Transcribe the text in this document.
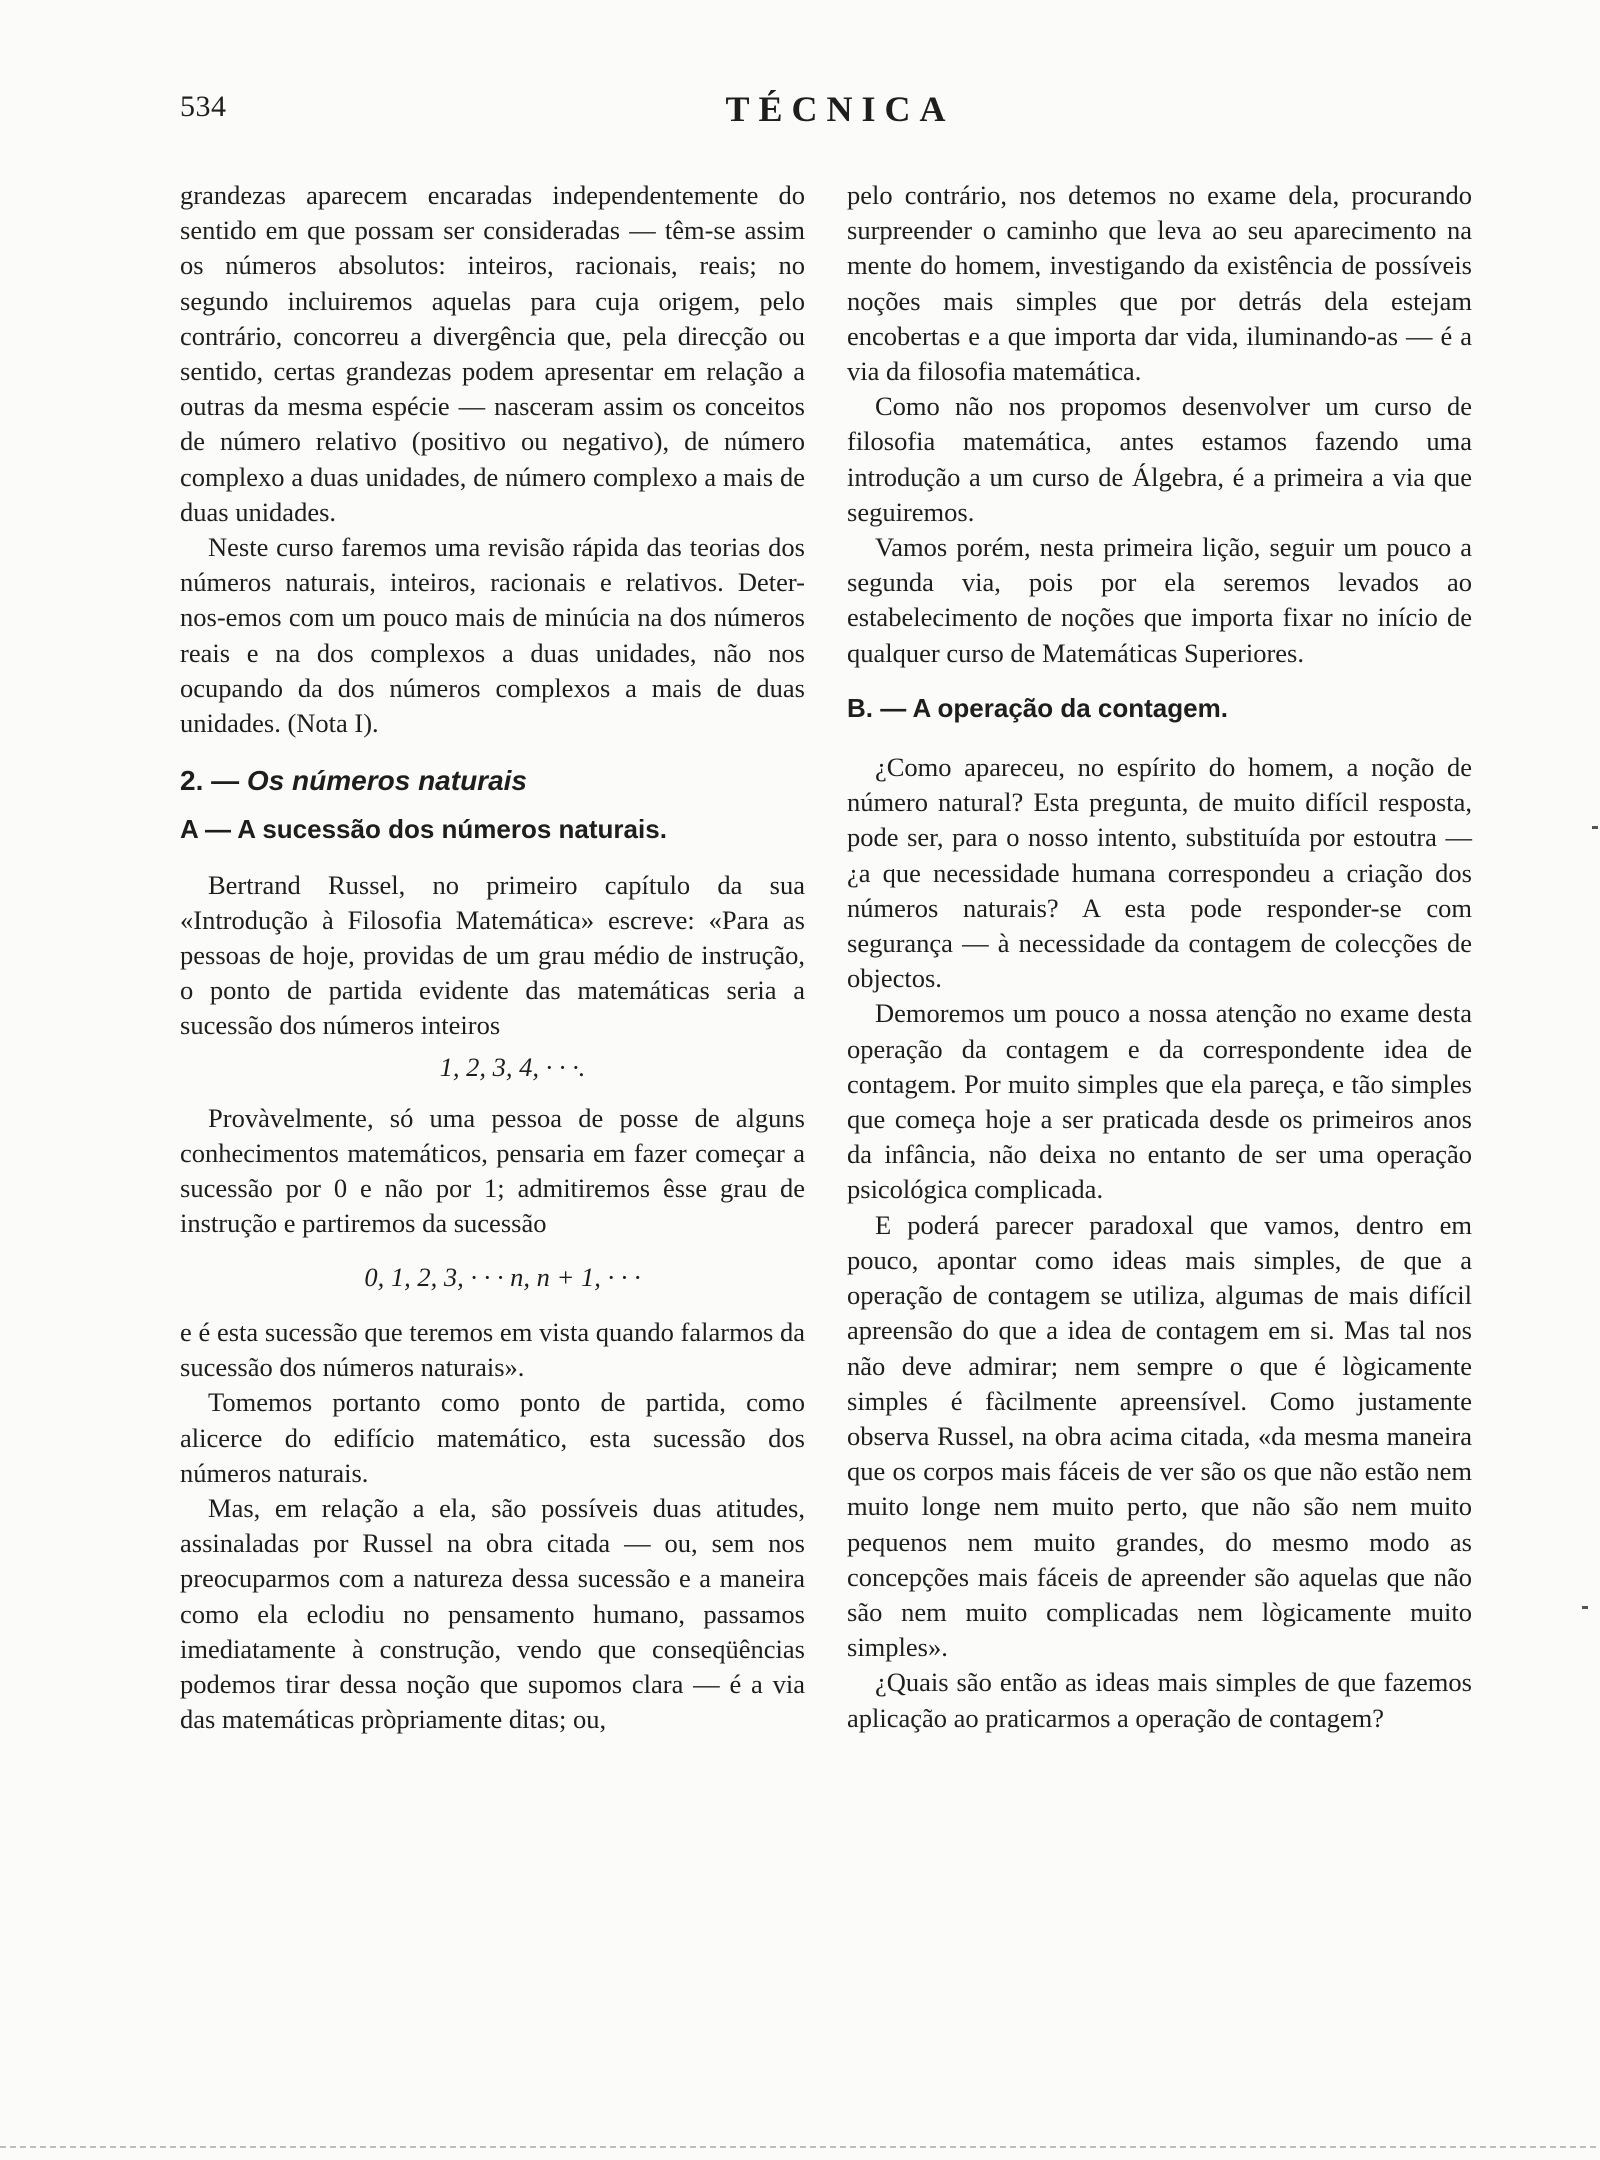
534	TÉCNICA

grandezas aparecem encaradas independentemente do sentido em que possam ser consideradas — têm-se assim os números absolutos: inteiros, racionais, reais; no segundo incluiremos aquelas para cuja origem, pelo contrário, concorreu a divergência que, pela direcção ou sentido, certas grandezas podem apresentar em relação a outras da mesma espécie — nasceram assim os conceitos de número relativo (positivo ou negativo), de número complexo a duas unidades, de número complexo a mais de duas unidades.

Neste curso faremos uma revisão rápida das teorias dos números naturais, inteiros, racionais e relativos. Deter-nos-emos com um pouco mais de minúcia na dos números reais e na dos complexos a duas unidades, não nos ocupando da dos números complexos a mais de duas unidades. (Nota I).

2. — Os números naturais

A — A sucessão dos números naturais.

Bertrand Russel, no primeiro capítulo da sua «Introdução à Filosofia Matemática» escreve: «Para as pessoas de hoje, providas de um grau médio de instrução, o ponto de partida evidente das matemáticas seria a sucessão dos números inteiros

1, 2, 3, 4, · · ·.

Provàvelmente, só uma pessoa de posse de alguns conhecimentos matemáticos, pensaria em fazer começar a sucessão por 0 e não por 1; admitiremos êsse grau de instrução e partiremos da sucessão

0, 1, 2, 3, · · · n, n + 1, · · ·

e é esta sucessão que teremos em vista quando falarmos da sucessão dos números naturais».

Tomemos portanto como ponto de partida, como alicerce do edifício matemático, esta sucessão dos números naturais.

Mas, em relação a ela, são possíveis duas atitudes, assinaladas por Russel na obra citada — ou, sem nos preocuparmos com a natureza dessa sucessão e a maneira como ela eclodiu no pensamento humano, passamos imediatamente à construção, vendo que conseqüências podemos tirar dessa noção que supomos clara — é a via das matemáticas pròpriamente ditas; ou,

pelo contrário, nos detemos no exame dela, procurando surpreender o caminho que leva ao seu aparecimento na mente do homem, investigando da existência de possíveis noções mais simples que por detrás dela estejam encobertas e a que importa dar vida, iluminando-as — é a via da filosofia matemática.

Como não nos propomos desenvolver um curso de filosofia matemática, antes estamos fazendo uma introdução a um curso de Álgebra, é a primeira a via que seguiremos.

Vamos porém, nesta primeira lição, seguir um pouco a segunda via, pois por ela seremos levados ao estabelecimento de noções que importa fixar no início de qualquer curso de Matemáticas Superiores.

B. — A operação da contagem.

¿Como apareceu, no espírito do homem, a noção de número natural? Esta pregunta, de muito difícil resposta, pode ser, para o nosso intento, substituída por estoutra — ¿a que necessidade humana correspondeu a criação dos números naturais? A esta pode responder-se com segurança — à necessidade da contagem de colecções de objectos.

Demoremos um pouco a nossa atenção no exame desta operação da contagem e da correspondente idea de contagem. Por muito simples que ela pareça, e tão simples que começa hoje a ser praticada desde os primeiros anos da infância, não deixa no entanto de ser uma operação psicológica complicada.

E poderá parecer paradoxal que vamos, dentro em pouco, apontar como ideas mais simples, de que a operação de contagem se utiliza, algumas de mais difícil apreensão do que a idea de contagem em si. Mas tal nos não deve admirar; nem sempre o que é lògicamente simples é fàcilmente apreensível. Como justamente observa Russel, na obra acima citada, «da mesma maneira que os corpos mais fáceis de ver são os que não estão nem muito longe nem muito perto, que não são nem muito pequenos nem muito grandes, do mesmo modo as concepções mais fáceis de apreender são aquelas que não são nem muito complicadas nem lògicamente muito simples».

¿Quais são então as ideas mais simples de que fazemos aplicação ao praticarmos a operação de contagem?
